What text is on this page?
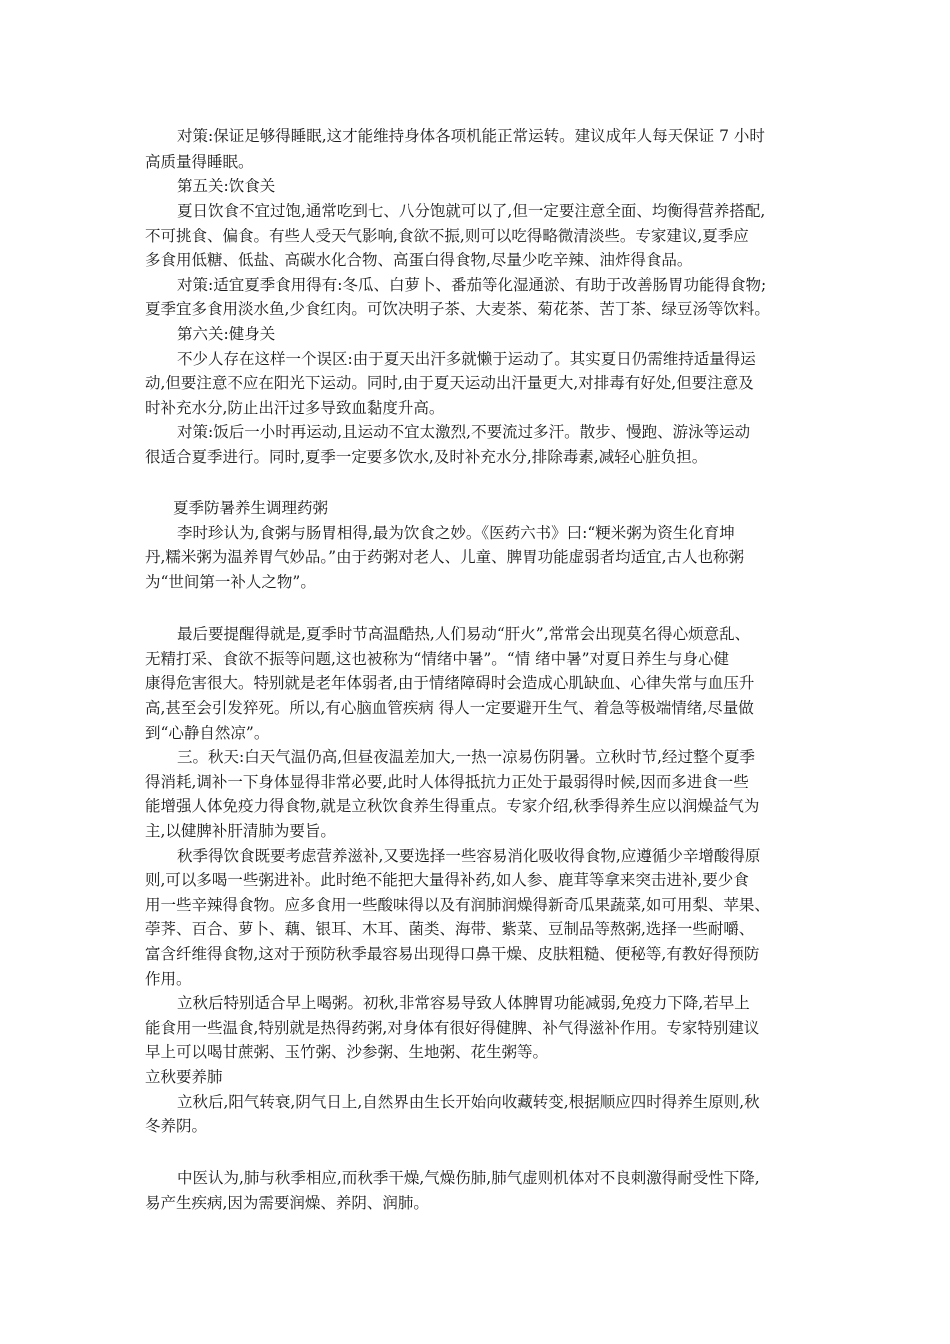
对策:保证足够得睡眠,这才能维持身体各项机能正常运转。建议成年人每天保证 7 小时
高质量得睡眠。
第五关:饮食关
夏日饮食不宜过饱,通常吃到七、八分饱就可以了,但一定要注意全面、均衡得营养搭配,
不可挑食、偏食。有些人受天气影响,食欲不振,则可以吃得略微清淡些。专家建议,夏季应
多食用低糖、低盐、高碳水化合物、高蛋白得食物,尽量少吃辛辣、油炸得食品。
对策:适宜夏季食用得有:冬瓜、白萝卜、番茄等化湿通淤、有助于改善肠胃功能得食物;
夏季宜多食用淡水鱼,少食红肉。可饮决明子茶、大麦茶、菊花茶、苦丁茶、绿豆汤等饮料。
第六关:健身关
不少人存在这样一个误区:由于夏天出汗多就懒于运动了。其实夏日仍需维持适量得运
动,但要注意不应在阳光下运动。同时,由于夏天运动出汗量更大,对排毒有好处,但要注意及
时补充水分,防止出汗过多导致血黏度升高。
对策:饭后一小时再运动,且运动不宜太激烈,不要流过多汗。散步、慢跑、游泳等运动
很适合夏季进行。同时,夏季一定要多饮水,及时补充水分,排除毒素,减轻心脏负担。
夏季防暑养生调理药粥
李时珍认为,食粥与肠胃相得,最为饮食之妙。《医药六书》曰:“粳米粥为资生化育坤
丹,糯米粥为温养胃气妙品。”由于药粥对老人、儿童、脾胃功能虚弱者均适宜,古人也称粥
为“世间第一补人之物”。
最后要提醒得就是,夏季时节高温酷热,人们易动“肝火”,常常会出现莫名得心烦意乱、
无精打采、食欲不振等问题,这也被称为“情绪中暑”。“情 绪中暑”对夏日养生与身心健
康得危害很大。特别就是老年体弱者,由于情绪障碍时会造成心肌缺血、心律失常与血压升
高,甚至会引发猝死。所以,有心脑血管疾病 得人一定要避开生气、着急等极端情绪,尽量做
到“心静自然凉”。
三。秋天:白天气温仍高,但昼夜温差加大,一热一凉易伤阴暑。立秋时节,经过整个夏季
得消耗,调补一下身体显得非常必要,此时人体得抵抗力正处于最弱得时候,因而多进食一些
能增强人体免疫力得食物,就是立秋饮食养生得重点。专家介绍,秋季得养生应以润燥益气为
主,以健脾补肝清肺为要旨。
秋季得饮食既要考虑营养滋补,又要选择一些容易消化吸收得食物,应遵循少辛增酸得原
则,可以多喝一些粥进补。此时绝不能把大量得补药,如人参、鹿茸等拿来突击进补,要少食
用一些辛辣得食物。应多食用一些酸味得以及有润肺润燥得新奇瓜果蔬菜,如可用梨、苹果、
荸荠、百合、萝卜、藕、银耳、木耳、菌类、海带、紫菜、豆制品等熬粥,选择一些耐嚼、
富含纤维得食物,这对于预防秋季最容易出现得口鼻干燥、皮肤粗糙、便秘等,有教好得预防
作用。
立秋后特别适合早上喝粥。初秋,非常容易导致人体脾胃功能减弱,免疫力下降,若早上
能食用一些温食,特别就是热得药粥,对身体有很好得健脾、补气得滋补作用。专家特别建议
早上可以喝甘蔗粥、玉竹粥、沙参粥、生地粥、花生粥等。
立秋要养肺
立秋后,阳气转衰,阴气日上,自然界由生长开始向收藏转变,根据顺应四时得养生原则,秋
冬养阴。
中医认为,肺与秋季相应,而秋季干燥,气燥伤肺,肺气虚则机体对不良刺激得耐受性下降,
易产生疾病,因为需要润燥、养阴、润肺。
